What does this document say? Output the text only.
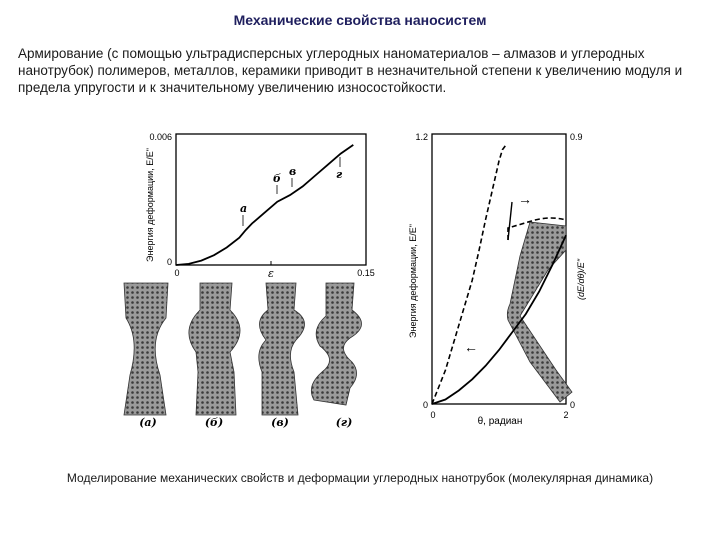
Механические свойства наносистем

Армирование (с помощью ультрадисперсных углеродных наноматериалов – алмазов и углеродных нанотрубок) полимеров, металлов, керамики приводит в незначительной степени к увеличению модуля и предела упругости и к значительному увеличению износостойкости.

а
б
в	г
0.006
0
0	0.15
ε
Энергия деформации, E/E"
(а)	(б)	(в)	(г)
→
←
1.2
0
0.9
0
0	2
θ, радиан
Энергия деформации, E/E"	(dE/dθ)/E"
Моделирование механических свойств и деформации углеродных нанотрубок (молекулярная динамика)
